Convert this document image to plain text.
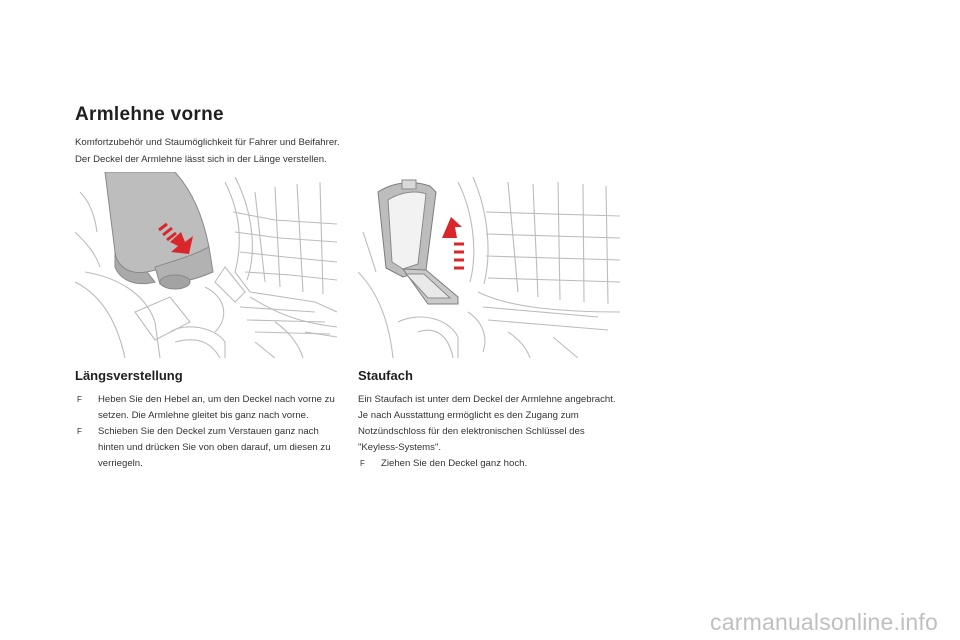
Armlehne vorne

Komfortzubehör und Staumöglichkeit für Fahrer und Beifahrer.

Der Deckel der Armlehne lässt sich in der Länge verstellen.

Längsverstellung
F Heben Sie den Hebel an, um den Deckel nach vorne zu setzen. Die Armlehne gleitet bis ganz nach vorne.
F Schieben Sie den Deckel zum Verstauen ganz nach hinten und drücken Sie von oben darauf, um diesen zu verriegeln.
Staufach

Ein Staufach ist unter dem Deckel der Armlehne angebracht. Je nach Ausstattung ermöglicht es den Zugang zum Notzündschloss für den elektronischen Schlüssel des "Keyless-Systems".

F Ziehen Sie den Deckel ganz hoch.
carmanualsonline.info
